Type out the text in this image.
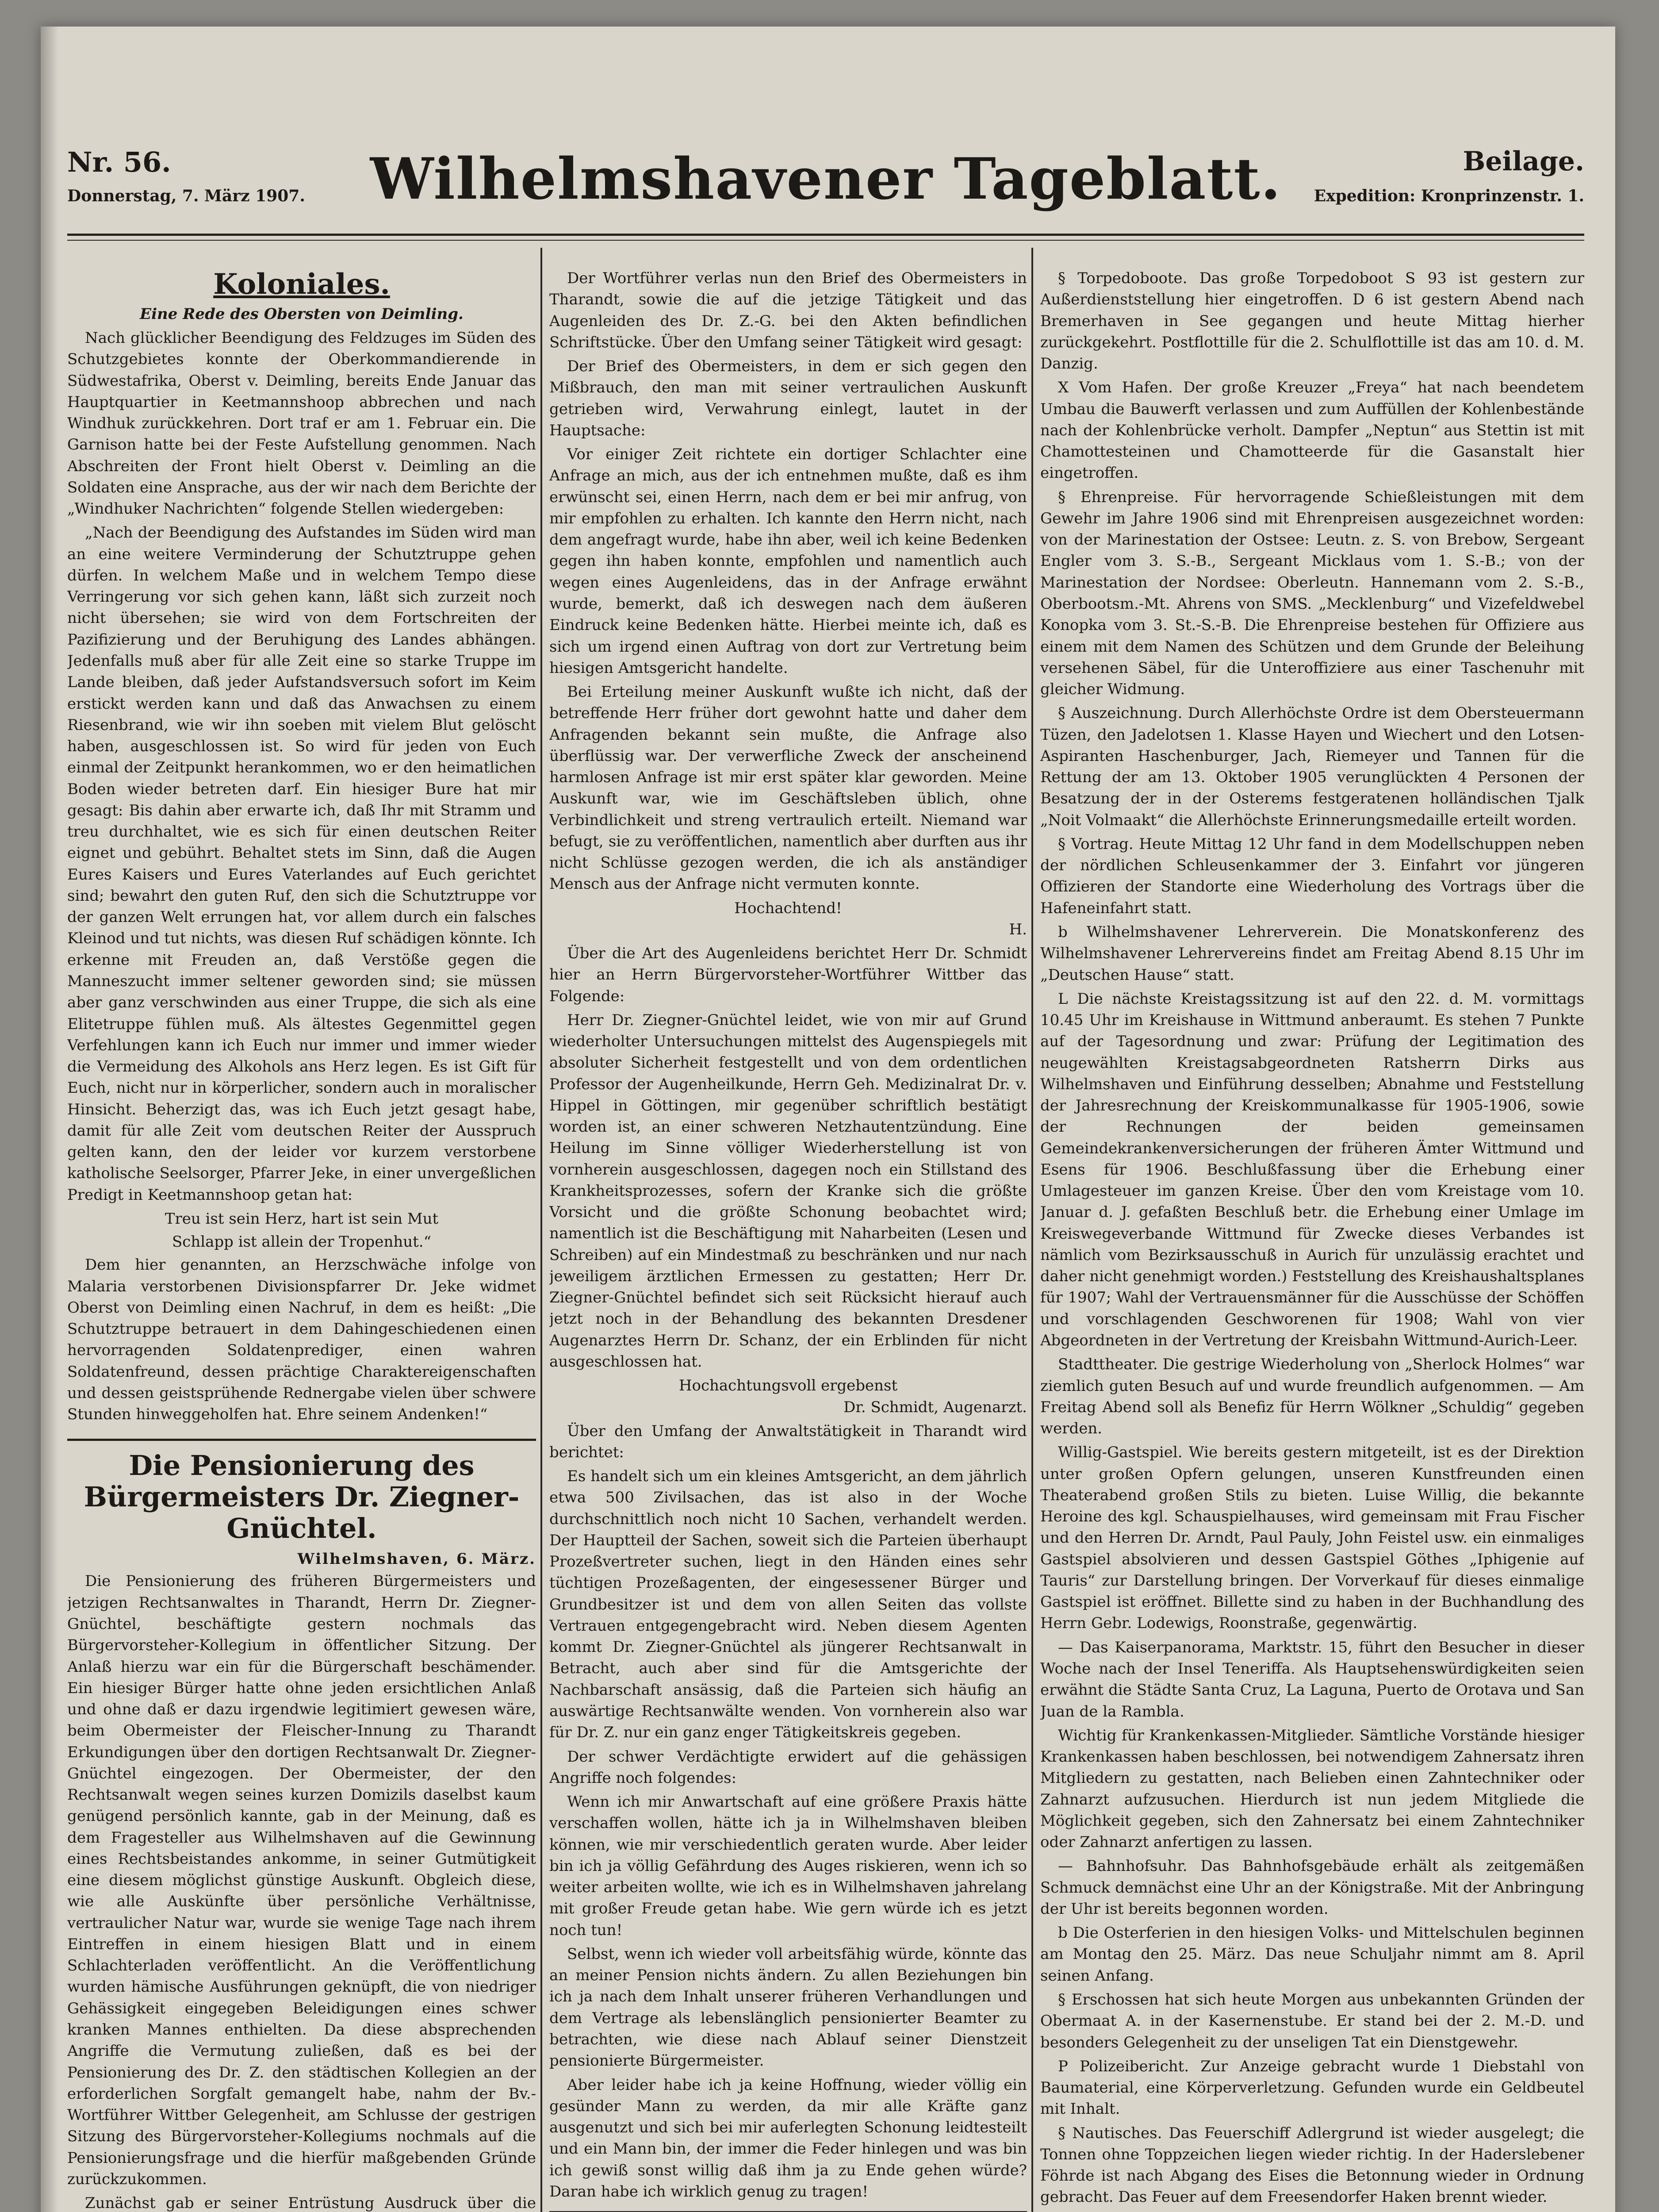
Nr. 56.
Donnerstag, 7. März 1907.	Wilhelmshavener Tageblatt.	Beilage.
Expedition: Kronprinzenstr. 1.
Koloniales.
Eine Rede des Obersten von Deimling.

Nach glücklicher Beendigung des Feldzuges im Süden des Schutzgebietes konnte der Oberkommandierende in Südwestafrika, Oberst v. Deimling, bereits Ende Januar das Hauptquartier in Keetmannshoop abbrechen und nach Windhuk zurückkehren. Dort traf er am 1. Februar ein. Die Garnison hatte bei der Feste Aufstellung genommen. Nach Abschreiten der Front hielt Oberst v. Deimling an die Soldaten eine Ansprache, aus der wir nach dem Berichte der „Windhuker Nachrichten“ folgende Stellen wiedergeben:

„Nach der Beendigung des Aufstandes im Süden wird man an eine weitere Verminderung der Schutztruppe gehen dürfen. In welchem Maße und in welchem Tempo diese Verringerung vor sich gehen kann, läßt sich zurzeit noch nicht übersehen; sie wird von dem Fortschreiten der Pazifizierung und der Beruhigung des Landes abhängen. Jedenfalls muß aber für alle Zeit eine so starke Truppe im Lande bleiben, daß jeder Aufstandsversuch sofort im Keim erstickt werden kann und daß das Anwachsen zu einem Riesenbrand, wie wir ihn soeben mit vielem Blut gelöscht haben, ausgeschlossen ist. So wird für jeden von Euch einmal der Zeitpunkt herankommen, wo er den heimatlichen Boden wieder betreten darf. Ein hiesiger Bure hat mir gesagt: Bis dahin aber erwarte ich, daß Ihr mit Stramm und treu durchhaltet, wie es sich für einen deutschen Reiter eignet und gebührt. Behaltet stets im Sinn, daß die Augen Eures Kaisers und Eures Vaterlandes auf Euch gerichtet sind; bewahrt den guten Ruf, den sich die Schutztruppe vor der ganzen Welt errungen hat, vor allem durch ein falsches Kleinod und tut nichts, was diesen Ruf schädigen könnte. Ich erkenne mit Freuden an, daß Verstöße gegen die Manneszucht immer seltener geworden sind; sie müssen aber ganz verschwinden aus einer Truppe, die sich als eine Elitetruppe fühlen muß. Als ältestes Gegenmittel gegen Verfehlungen kann ich Euch nur immer und immer wieder die Vermeidung des Alkohols ans Herz legen. Es ist Gift für Euch, nicht nur in körperlicher, sondern auch in moralischer Hinsicht. Beherzigt das, was ich Euch jetzt gesagt habe, damit für alle Zeit vom deutschen Reiter der Ausspruch gelten kann, den der leider vor kurzem verstorbene katholische Seelsorger, Pfarrer Jeke, in einer unvergeßlichen Predigt in Keetmannshoop getan hat:

Treu ist sein Herz, hart ist sein Mut

Schlapp ist allein der Tropenhut.“

Dem hier genannten, an Herzschwäche infolge von Malaria verstorbenen Divisionspfarrer Dr. Jeke widmet Oberst von Deimling einen Nachruf, in dem es heißt: „Die Schutztruppe betrauert in dem Dahingeschiedenen einen hervorragenden Soldatenprediger, einen wahren Soldatenfreund, dessen prächtige Charaktereigenschaften und dessen geistsprühende Rednergabe vielen über schwere Stunden hinweggeholfen hat. Ehre seinem Andenken!“

Die Pensionierung des Bürgermeisters Dr. Ziegner-Gnüchtel.
Wilhelmshaven, 6. März.

Die Pensionierung des früheren Bürgermeisters und jetzigen Rechtsanwaltes in Tharandt, Herrn Dr. Ziegner-Gnüchtel, beschäftigte gestern nochmals das Bürgervorsteher-Kollegium in öffentlicher Sitzung. Der Anlaß hierzu war ein für die Bürgerschaft beschämender. Ein hiesiger Bürger hatte ohne jeden ersichtlichen Anlaß und ohne daß er dazu irgendwie legitimiert gewesen wäre, beim Obermeister der Fleischer-Innung zu Tharandt Erkundigungen über den dortigen Rechtsanwalt Dr. Ziegner-Gnüchtel eingezogen. Der Obermeister, der den Rechtsanwalt wegen seines kurzen Domizils daselbst kaum genügend persönlich kannte, gab in der Meinung, daß es dem Fragesteller aus Wilhelmshaven auf die Gewinnung eines Rechtsbeistandes ankomme, in seiner Gutmütigkeit eine diesem möglichst günstige Auskunft. Obgleich diese, wie alle Auskünfte über persönliche Verhältnisse, vertraulicher Natur war, wurde sie wenige Tage nach ihrem Eintreffen in einem hiesigen Blatt und in einem Schlachterladen veröffentlicht. An die Veröffentlichung wurden hämische Ausführungen geknüpft, die von niedriger Gehässigkeit eingegeben Beleidigungen eines schwer kranken Mannes enthielten. Da diese absprechenden Angriffe die Vermutung zuließen, daß es bei der Pensionierung des Dr. Z. den städtischen Kollegien an der erforderlichen Sorgfalt gemangelt habe, nahm der Bv.-Wortführer Wittber Gelegenheit, am Schlusse der gestrigen Sitzung des Bürgervorsteher-Kollegiums nochmals auf die Pensionierungsfrage und die hierfür maßgebenden Gründe zurückzukommen.

Zunächst gab er seiner Entrüstung Ausdruck über die

Der Wortführer verlas nun den Brief des Obermeisters in Tharandt, sowie die auf die jetzige Tätigkeit und das Augenleiden des Dr. Z.-G. bei den Akten befindlichen Schriftstücke. Über den Umfang seiner Tätigkeit wird gesagt:

Der Brief des Obermeisters, in dem er sich gegen den Mißbrauch, den man mit seiner vertraulichen Auskunft getrieben wird, Verwahrung einlegt, lautet in der Hauptsache:

Vor einiger Zeit richtete ein dortiger Schlachter eine Anfrage an mich, aus der ich entnehmen mußte, daß es ihm erwünscht sei, einen Herrn, nach dem er bei mir anfrug, von mir empfohlen zu erhalten. Ich kannte den Herrn nicht, nach dem angefragt wurde, habe ihn aber, weil ich keine Bedenken gegen ihn haben konnte, empfohlen und namentlich auch wegen eines Augenleidens, das in der Anfrage erwähnt wurde, bemerkt, daß ich deswegen nach dem äußeren Eindruck keine Bedenken hätte. Hierbei meinte ich, daß es sich um irgend einen Auftrag von dort zur Vertretung beim hiesigen Amtsgericht handelte.

Bei Erteilung meiner Auskunft wußte ich nicht, daß der betreffende Herr früher dort gewohnt hatte und daher dem Anfragenden bekannt sein mußte, die Anfrage also überflüssig war. Der verwerfliche Zweck der anscheinend harmlosen Anfrage ist mir erst später klar geworden. Meine Auskunft war, wie im Geschäftsleben üblich, ohne Verbindlichkeit und streng vertraulich erteilt. Niemand war befugt, sie zu veröffentlichen, namentlich aber durften aus ihr nicht Schlüsse gezogen werden, die ich als anständiger Mensch aus der Anfrage nicht vermuten konnte.

Hochachtend!

H.

Über die Art des Augenleidens berichtet Herr Dr. Schmidt hier an Herrn Bürgervorsteher-Wortführer Wittber das Folgende:

Herr Dr. Ziegner-Gnüchtel leidet, wie von mir auf Grund wiederholter Untersuchungen mittelst des Augenspiegels mit absoluter Sicherheit festgestellt und von dem ordentlichen Professor der Augenheilkunde, Herrn Geh. Medizinalrat Dr. v. Hippel in Göttingen, mir gegenüber schriftlich bestätigt worden ist, an einer schweren Netzhautentzündung. Eine Heilung im Sinne völliger Wiederherstellung ist von vornherein ausgeschlossen, dagegen noch ein Stillstand des Krankheitsprozesses, sofern der Kranke sich die größte Vorsicht und die größte Schonung beobachtet wird; namentlich ist die Beschäftigung mit Naharbeiten (Lesen und Schreiben) auf ein Mindestmaß zu beschränken und nur nach jeweiligem ärztlichen Ermessen zu gestatten; Herr Dr. Ziegner-Gnüchtel befindet sich seit Rücksicht hierauf auch jetzt noch in der Behandlung des bekannten Dresdener Augenarztes Herrn Dr. Schanz, der ein Erblinden für nicht ausgeschlossen hat.

Hochachtungsvoll ergebenst

Dr. Schmidt, Augenarzt.

Über den Umfang der Anwaltstätigkeit in Tharandt wird berichtet:

Es handelt sich um ein kleines Amtsgericht, an dem jährlich etwa 500 Zivilsachen, das ist also in der Woche durchschnittlich noch nicht 10 Sachen, verhandelt werden. Der Hauptteil der Sachen, soweit sich die Parteien überhaupt Prozeßvertreter suchen, liegt in den Händen eines sehr tüchtigen Prozeßagenten, der eingesessener Bürger und Grundbesitzer ist und dem von allen Seiten das vollste Vertrauen entgegengebracht wird. Neben diesem Agenten kommt Dr. Ziegner-Gnüchtel als jüngerer Rechtsanwalt in Betracht, auch aber sind für die Amtsgerichte der Nachbarschaft ansässig, daß die Parteien sich häufig an auswärtige Rechtsanwälte wenden. Von vornherein also war für Dr. Z. nur ein ganz enger Tätigkeitskreis gegeben.

Der schwer Verdächtigte erwidert auf die gehässigen Angriffe noch folgendes:

Wenn ich mir Anwartschaft auf eine größere Praxis hätte verschaffen wollen, hätte ich ja in Wilhelmshaven bleiben können, wie mir verschiedentlich geraten wurde. Aber leider bin ich ja völlig Gefährdung des Auges riskieren, wenn ich so weiter arbeiten wollte, wie ich es in Wilhelmshaven jahrelang mit großer Freude getan habe. Wie gern würde ich es jetzt noch tun!

Selbst, wenn ich wieder voll arbeitsfähig würde, könnte das an meiner Pension nichts ändern. Zu allen Beziehungen bin ich ja nach dem Inhalt unserer früheren Verhandlungen und dem Vertrage als lebenslänglich pensionierter Beamter zu betrachten, wie diese nach Ablauf seiner Dienstzeit pensionierte Bürgermeister.

Aber leider habe ich ja keine Hoffnung, wieder völlig ein gesünder Mann zu werden, da mir alle Kräfte ganz ausgenutzt und sich bei mir auferlegten Schonung leidtesteilt und ein Mann bin, der immer die Feder hinlegen und was bin ich gewiß sonst willig daß ihm ja zu Ende gehen würde? Daran habe ich wirklich genug zu tragen!

§ Torpedoboote. Das große Torpedoboot S 93 ist gestern zur Außerdienststellung hier eingetroffen. D 6 ist gestern Abend nach Bremerhaven in See gegangen und heute Mittag hierher zurückgekehrt. Postflottille für die 2. Schulflottille ist das am 10. d. M. Danzig.

X Vom Hafen. Der große Kreuzer „Freya“ hat nach beendetem Umbau die Bauwerft verlassen und zum Auffüllen der Kohlenbestände nach der Kohlenbrücke verholt. Dampfer „Neptun“ aus Stettin ist mit Chamottesteinen und Chamotteerde für die Gasanstalt hier eingetroffen.

§ Ehrenpreise. Für hervorragende Schießleistungen mit dem Gewehr im Jahre 1906 sind mit Ehrenpreisen ausgezeichnet worden: von der Marinestation der Ostsee: Leutn. z. S. von Brebow, Sergeant Engler vom 3. S.-B., Sergeant Micklaus vom 1. S.-B.; von der Marinestation der Nordsee: Oberleutn. Hannemann vom 2. S.-B., Oberbootsm.-Mt. Ahrens von SMS. „Mecklenburg“ und Vizefeldwebel Konopka vom 3. St.-S.-B. Die Ehrenpreise bestehen für Offiziere aus einem mit dem Namen des Schützen und dem Grunde der Beleihung versehenen Säbel, für die Unteroffiziere aus einer Taschenuhr mit gleicher Widmung.

§ Auszeichnung. Durch Allerhöchste Ordre ist dem Obersteuermann Tüzen, den Jadelotsen 1. Klasse Hayen und Wiechert und den Lotsen-Aspiranten Haschenburger, Jach, Riemeyer und Tannen für die Rettung der am 13. Oktober 1905 verunglückten 4 Personen der Besatzung der in der Osterems festgeratenen holländischen Tjalk „Noit Volmaakt“ die Allerhöchste Erinnerungsmedaille erteilt worden.

§ Vortrag. Heute Mittag 12 Uhr fand in dem Modellschuppen neben der nördlichen Schleusenkammer der 3. Einfahrt vor jüngeren Offizieren der Standorte eine Wiederholung des Vortrags über die Hafeneinfahrt statt.

b Wilhelmshavener Lehrerverein. Die Monatskonferenz des Wilhelmshavener Lehrervereins findet am Freitag Abend 8.15 Uhr im „Deutschen Hause“ statt.

L Die nächste Kreistagssitzung ist auf den 22. d. M. vormittags 10.45 Uhr im Kreishause in Wittmund anberaumt. Es stehen 7 Punkte auf der Tagesordnung und zwar: Prüfung der Legitimation des neugewählten Kreistagsabgeordneten Ratsherrn Dirks aus Wilhelmshaven und Einführung desselben; Abnahme und Feststellung der Jahresrechnung der Kreiskommunalkasse für 1905-1906, sowie der Rechnungen der beiden gemeinsamen Gemeindekrankenversicherungen der früheren Ämter Wittmund und Esens für 1906. Beschlußfassung über die Erhebung einer Umlagesteuer im ganzen Kreise. Über den vom Kreistage vom 10. Januar d. J. gefaßten Beschluß betr. die Erhebung einer Umlage im Kreiswegeverbande Wittmund für Zwecke dieses Verbandes ist nämlich vom Bezirksausschuß in Aurich für unzulässig erachtet und daher nicht genehmigt worden.) Feststellung des Kreishaushaltsplanes für 1907; Wahl der Vertrauensmänner für die Ausschüsse der Schöffen und vorschlagenden Geschworenen für 1908; Wahl von vier Abgeordneten in der Vertretung der Kreisbahn Wittmund-Aurich-Leer.

Stadttheater. Die gestrige Wiederholung von „Sherlock Holmes“ war ziemlich guten Besuch auf und wurde freundlich aufgenommen. — Am Freitag Abend soll als Benefiz für Herrn Wölkner „Schuldig“ gegeben werden.

Willig-Gastspiel. Wie bereits gestern mitgeteilt, ist es der Direktion unter großen Opfern gelungen, unseren Kunstfreunden einen Theaterabend großen Stils zu bieten. Luise Willig, die bekannte Heroine des kgl. Schauspielhauses, wird gemeinsam mit Frau Fischer und den Herren Dr. Arndt, Paul Pauly, John Feistel usw. ein einmaliges Gastspiel absolvieren und dessen Gastspiel Göthes „Iphigenie auf Tauris“ zur Darstellung bringen. Der Vorverkauf für dieses einmalige Gastspiel ist eröffnet. Billette sind zu haben in der Buchhandlung des Herrn Gebr. Lodewigs, Roonstraße, gegenwärtig.

— Das Kaiserpanorama, Marktstr. 15, führt den Besucher in dieser Woche nach der Insel Teneriffa. Als Hauptsehenswürdigkeiten seien erwähnt die Städte Santa Cruz, La Laguna, Puerto de Orotava und San Juan de la Rambla.

Wichtig für Krankenkassen-Mitglieder. Sämtliche Vorstände hiesiger Krankenkassen haben beschlossen, bei notwendigem Zahnersatz ihren Mitgliedern zu gestatten, nach Belieben einen Zahntechniker oder Zahnarzt aufzusuchen. Hierdurch ist nun jedem Mitgliede die Möglichkeit gegeben, sich den Zahnersatz bei einem Zahntechniker oder Zahnarzt anfertigen zu lassen.

— Bahnhofsuhr. Das Bahnhofsgebäude erhält als zeitgemäßen Schmuck demnächst eine Uhr an der Königstraße. Mit der Anbringung der Uhr ist bereits begonnen worden.

b Die Osterferien in den hiesigen Volks- und Mittelschulen beginnen am Montag den 25. März. Das neue Schuljahr nimmt am 8. April seinen Anfang.

§ Erschossen hat sich heute Morgen aus unbekannten Gründen der Obermaat A. in der Kasernenstube. Er stand bei der 2. M.-D. und besonders Gelegenheit zu der unseligen Tat ein Dienstgewehr.

P Polizeibericht. Zur Anzeige gebracht wurde 1 Diebstahl von Baumaterial, eine Körperverletzung. Gefunden wurde ein Geldbeutel mit Inhalt.

§ Nautisches. Das Feuerschiff Adlergrund ist wieder ausgelegt; die Tonnen ohne Toppzeichen liegen wieder richtig. In der Haderslebener Föhrde ist nach Abgang des Eises die Betonnung wieder in Ordnung gebracht. Das Feuer auf dem Freesendorfer Haken brennt wieder.
